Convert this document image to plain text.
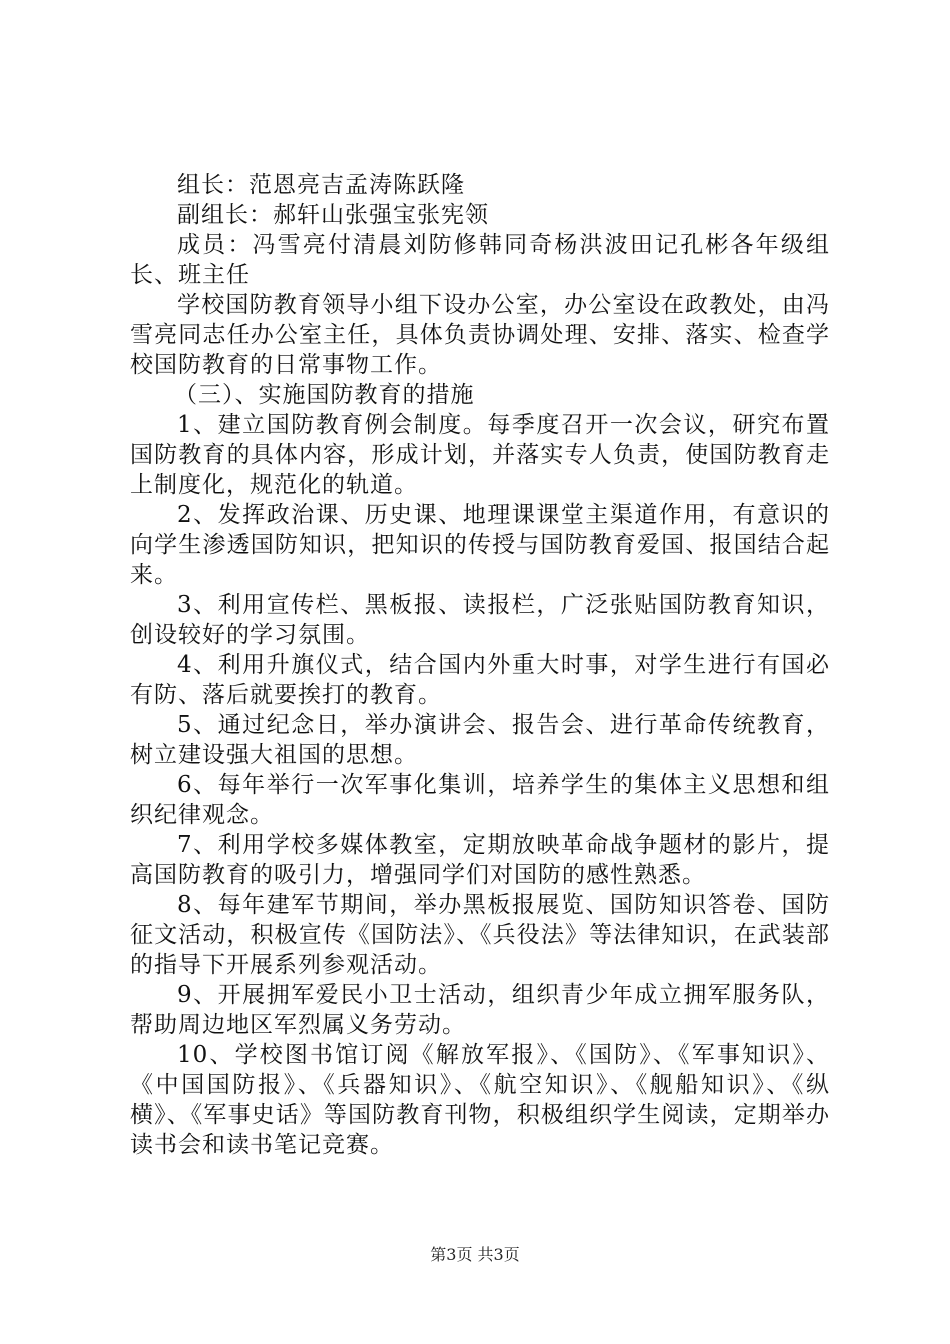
组长：范恩亮吉孟涛陈跃隆

副组长：郝轩山张强宝张宪领

成员：冯雪亮付清晨刘防修韩同奇杨洪波田记孔彬各年级组长、班主任

学校国防教育领导小组下设办公室，办公室设在政教处，由冯雪亮同志任办公室主任，具体负责协调处理、安排、落实、检查学校国防教育的日常事物工作。

（三）、实施国防教育的措施

1、建立国防教育例会制度。每季度召开一次会议，研究布置国防教育的具体内容，形成计划，并落实专人负责，使国防教育走上制度化，规范化的轨道。

2、发挥政治课、历史课、地理课课堂主渠道作用，有意识的向学生渗透国防知识，把知识的传授与国防教育爱国、报国结合起来。

3、利用宣传栏、黑板报、读报栏，广泛张贴国防教育知识，创设较好的学习氛围。

4、利用升旗仪式，结合国内外重大时事，对学生进行有国必有防、落后就要挨打的教育。

5、通过纪念日，举办演讲会、报告会、进行革命传统教育，树立建设强大祖国的思想。

6、每年举行一次军事化集训，培养学生的集体主义思想和组织纪律观念。

7、利用学校多媒体教室，定期放映革命战争题材的影片，提高国防教育的吸引力，增强同学们对国防的感性熟悉。

8、每年建军节期间，举办黑板报展览、国防知识答卷、国防征文活动，积极宣传《国防法》、《兵役法》等法律知识，在武装部的指导下开展系列参观活动。

9、开展拥军爱民小卫士活动，组织青少年成立拥军服务队，帮助周边地区军烈属义务劳动。

10、学校图书馆订阅《解放军报》、《国防》、《军事知识》、《中国国防报》、《兵器知识》、《航空知识》、《舰船知识》、《纵横》、《军事史话》等国防教育刊物，积极组织学生阅读，定期举办读书会和读书笔记竞赛。

第3页 共3页
